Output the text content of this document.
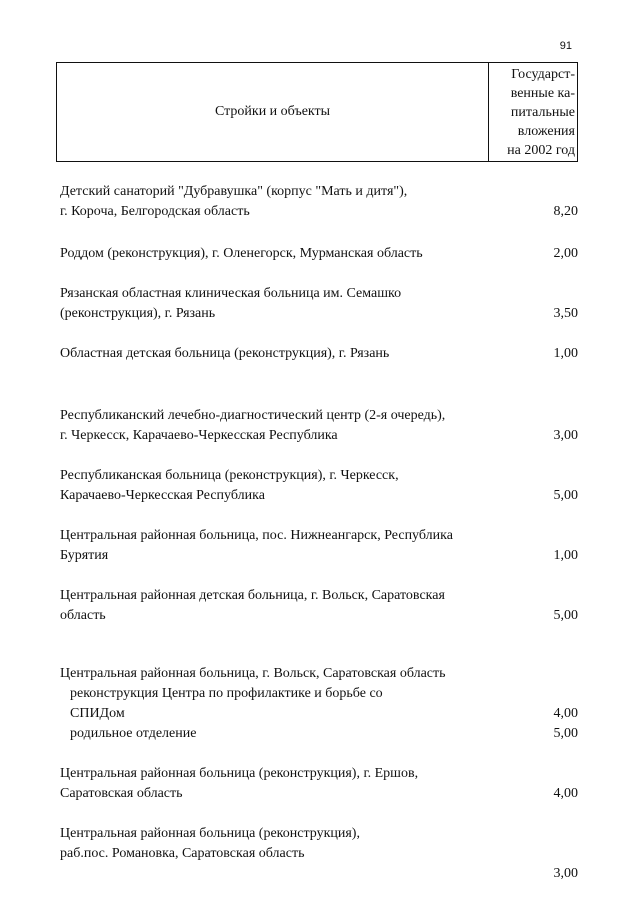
91
Стройки и объекты
Государст-
венные ка-
питальные
вложения
на 2002 год
Детский санаторий "Дубравушка" (корпус "Мать и дитя"),
г. Короча, Белгородская область	8,20
Роддом (реконструкция), г. Оленегорск, Мурманская область	2,00
Рязанская областная клиническая больница им. Семашко
(реконструкция), г. Рязань	3,50
Областная детская больница (реконструкция), г. Рязань	1,00
Республиканский лечебно-диагностический центр (2-я очередь),
г. Черкесск, Карачаево-Черкесская Республика	3,00
Республиканская больница (реконструкция), г. Черкесск,
Карачаево-Черкесская Республика	5,00
Центральная районная больница, пос. Нижнеангарск, Республика
Бурятия	1,00
Центральная районная детская больница, г. Вольск, Саратовская
область	5,00
Центральная районная больница, г. Вольск, Саратовская область
реконструкция Центра по профилактике и борьбе со
СПИДом	4,00
родильное отделение	5,00
Центральная районная больница (реконструкция), г. Ершов,
Саратовская область	4,00
Центральная районная больница (реконструкция),
раб.пос. Романовка, Саратовская область
3,00
